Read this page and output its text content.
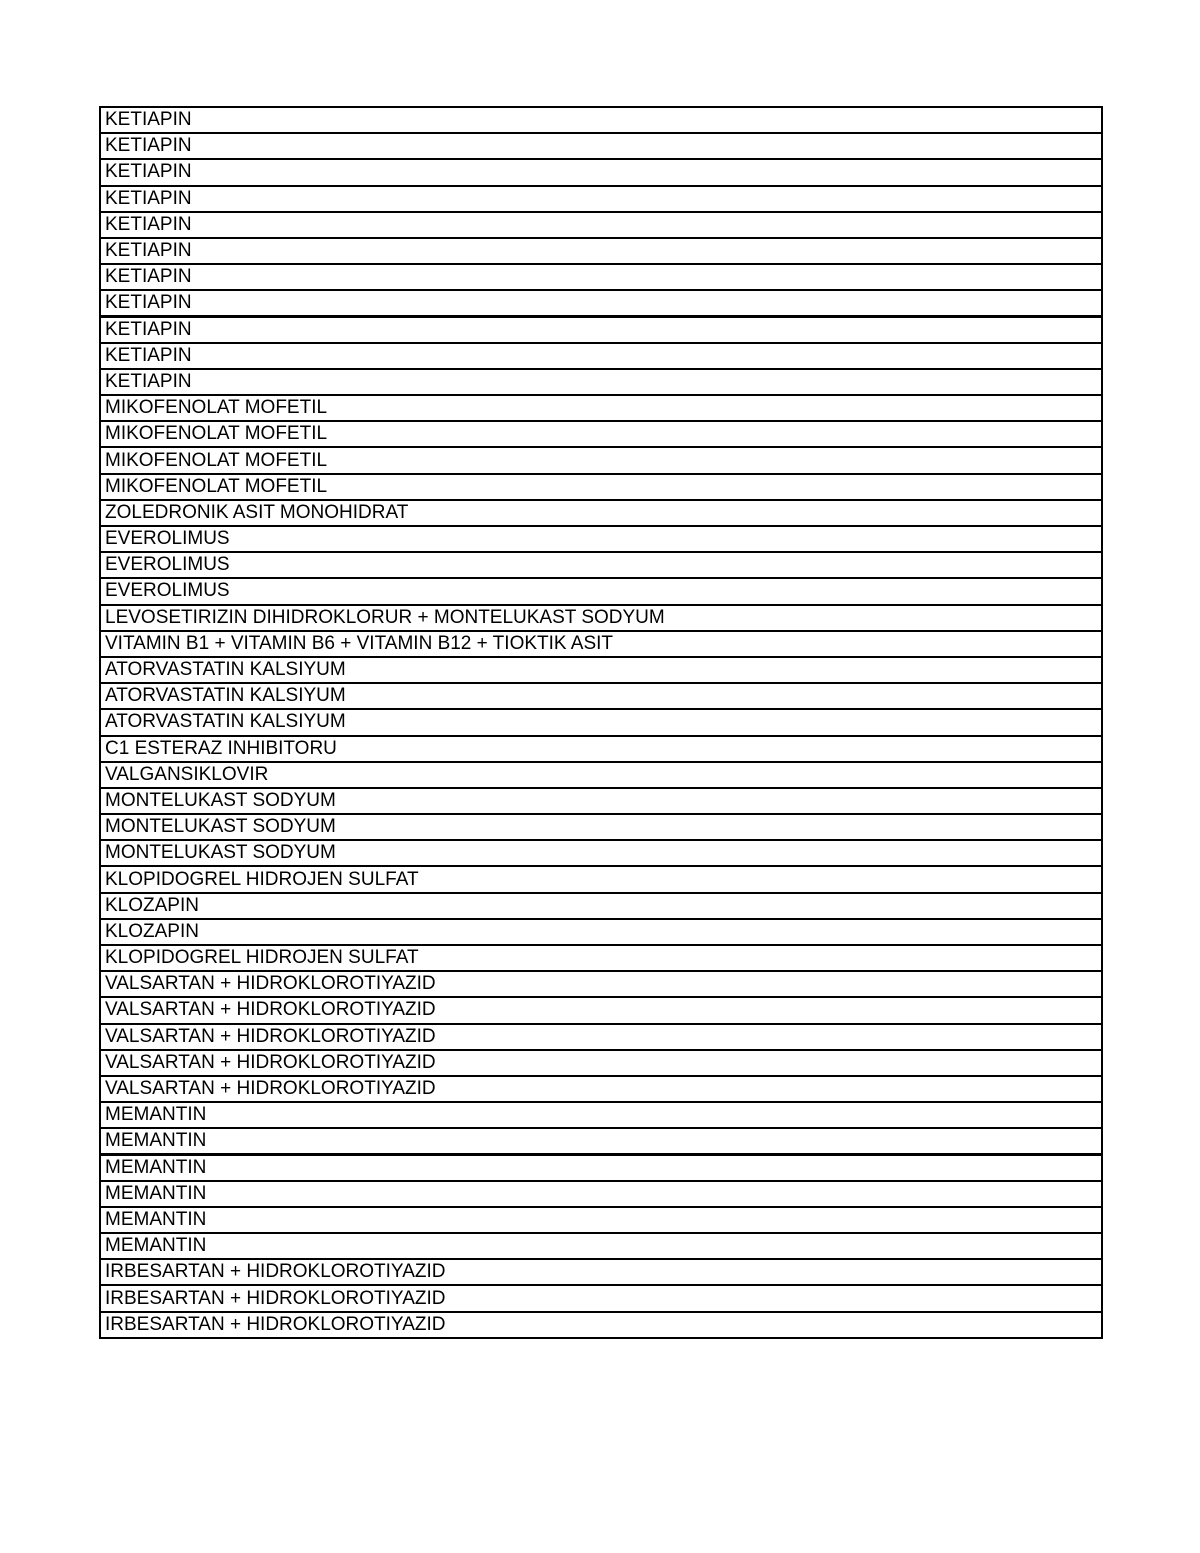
KETIAPIN
KETIAPIN
KETIAPIN
KETIAPIN
KETIAPIN
KETIAPIN
KETIAPIN
KETIAPIN
KETIAPIN
KETIAPIN
KETIAPIN
MIKOFENOLAT MOFETIL
MIKOFENOLAT MOFETIL
MIKOFENOLAT MOFETIL
MIKOFENOLAT MOFETIL
ZOLEDRONIK ASIT MONOHIDRAT
EVEROLIMUS
EVEROLIMUS
EVEROLIMUS
LEVOSETIRIZIN DIHIDROKLORUR + MONTELUKAST SODYUM
VITAMIN B1 + VITAMIN B6 + VITAMIN B12 + TIOKTIK ASIT
ATORVASTATIN KALSIYUM
ATORVASTATIN KALSIYUM
ATORVASTATIN KALSIYUM
C1 ESTERAZ INHIBITORU
VALGANSIKLOVIR
MONTELUKAST SODYUM
MONTELUKAST SODYUM
MONTELUKAST SODYUM
KLOPIDOGREL HIDROJEN SULFAT
KLOZAPIN
KLOZAPIN
KLOPIDOGREL HIDROJEN SULFAT
VALSARTAN + HIDROKLOROTIYAZID
VALSARTAN + HIDROKLOROTIYAZID
VALSARTAN + HIDROKLOROTIYAZID
VALSARTAN + HIDROKLOROTIYAZID
VALSARTAN + HIDROKLOROTIYAZID
MEMANTIN
MEMANTIN
MEMANTIN
MEMANTIN
MEMANTIN
MEMANTIN
IRBESARTAN + HIDROKLOROTIYAZID
IRBESARTAN + HIDROKLOROTIYAZID
IRBESARTAN + HIDROKLOROTIYAZID
